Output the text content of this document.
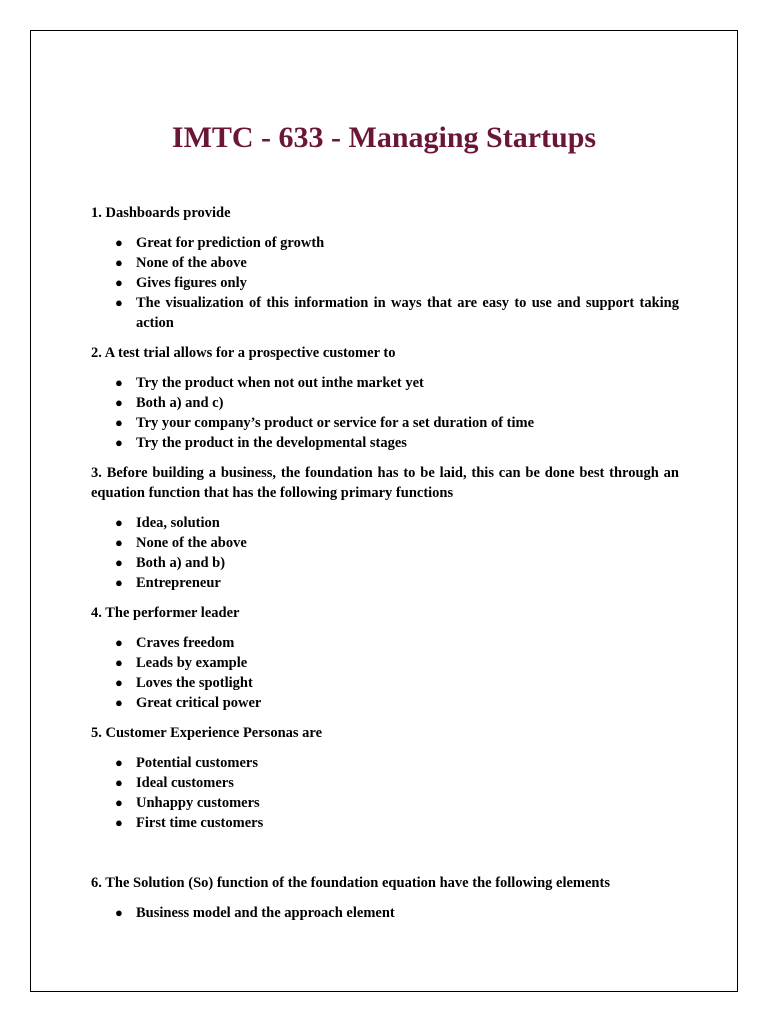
IMTC - 633 - Managing Startups

1. Dashboards provide

● Great for prediction of growth
● None of the above
● Gives figures only
● The visualization of this information in ways that are easy to use and support taking action

2. A test trial allows for a prospective customer to

● Try the product when not out inthe market yet
● Both a) and c)
● Try your company’s product or service for a set duration of time
● Try the product in the developmental stages

3. Before building a business, the foundation has to be laid, this can be done best through an equation function that has the following primary functions

● Idea, solution
● None of the above
● Both a) and b)
● Entrepreneur

4. The performer leader

● Craves freedom
● Leads by example
● Loves the spotlight
● Great critical power

5. Customer Experience Personas are

● Potential customers
● Ideal customers
● Unhappy customers
● First time customers

6. The Solution (So) function of the foundation equation have the following elements

● Business model and the approach element
